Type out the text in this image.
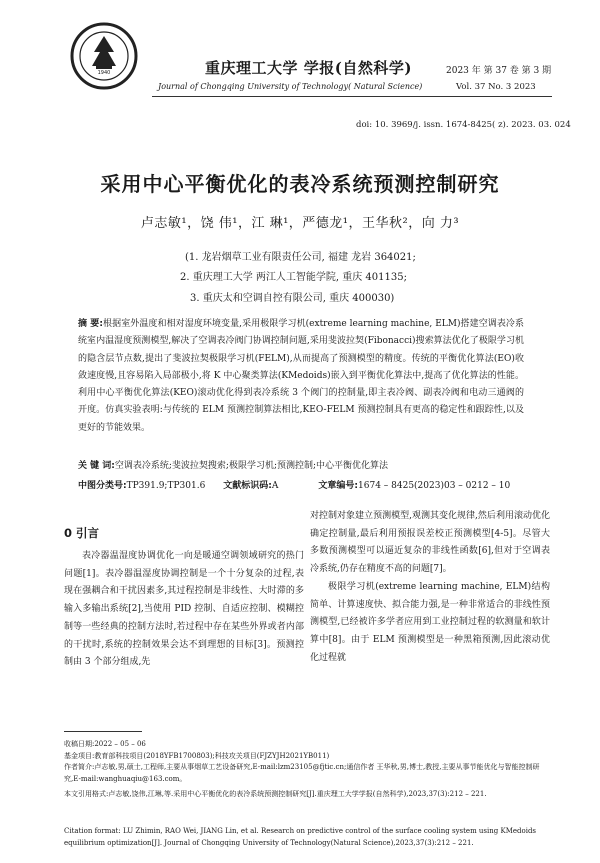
1940	重庆理工大学 学报(自然科学)
Journal of Chongqing University of Technology( Natural Science)
2023 年 第 37 卷 第 3 期
Vol. 37 No. 3 2023
doi: 10. 3969/j. issn. 1674-8425( z). 2023. 03. 024
采用中心平衡优化的表冷系统预测控制研究
卢志敏¹，饶 伟¹，江 琳¹，严德龙¹，王华秋²，向 力³
(1. 龙岩烟草工业有限责任公司, 福建 龙岩 364021;
2. 重庆理工大学 两江人工智能学院, 重庆 401135;
3. 重庆太和空调自控有限公司, 重庆 400030)
摘 要:根据室外温度和相对湿度环境变量,采用极限学习机(extreme learning machine, ELM)搭建空调表冷系统室内温湿度预测模型,解决了空调表冷阀门协调控制问题,采用斐波拉契(Fibonacci)搜索算法优化了极限学习机的隐含层节点数,提出了斐波拉契极限学习机(FELM),从而提高了预测模型的精度。传统的平衡优化算法(EO)收敛速度慢,且容易陷入局部极小,将 K 中心聚类算法(KMedoids)嵌入到平衡优化算法中,提高了优化算法的性能。利用中心平衡优化算法(KEO)滚动优化得到表冷系统 3 个阀门的控制量,即主表冷阀、副表冷阀和电动三通阀的开度。仿真实验表明:与传统的 ELM 预测控制算法相比,KEO-FELM 预测控制具有更高的稳定性和跟踪性,以及更好的节能效果。
关 键 词:空调表冷系统;斐波拉契搜索;极限学习机;预测控制;中心平衡优化算法
中图分类号:TP391.9;TP301.6 文献标识码:A	文章编号:1674 – 8425(2023)03 – 0212 – 10
0 引言

表冷器温湿度协调优化一向是暖通空调领域研究的热门问题[1]。表冷器温湿度协调控制是一个十分复杂的过程,表现在强耦合和干扰因素多,其过程控制是非线性、大时滞的多输入多输出系统[2],当使用 PID 控制、自适应控制、模糊控制等一些经典的控制方法时,若过程中存在某些外界或者内部的干扰时,系统的控制效果会达不到理想的目标[3]。预测控制由 3 个部分组成,先

对控制对象建立预测模型,观测其变化规律,然后利用滚动优化确定控制量,最后利用预报误差校正预测模型[4-5]。尽管大多数预测模型可以逼近复杂的非线性函数[6],但对于空调表冷系统,仍存在精度不高的问题[7]。

极限学习机(extreme learning machine, ELM)结构简单、计算速度快、拟合能力强,是一种非常适合的非线性预测模型,已经被许多学者应用到工业控制过程的软测量和软计算中[8]。由于 ELM 预测模型是一种黑箱预测,因此滚动优化过程就

收稿日期:2022 – 05 – 06
基金项目:教育部科技项目(2018YFB1700803);科技攻关项目(FJZYJH2021YB011)
作者简介:卢志敏,男,硕士,工程师,主要从事烟草工艺设备研究,E-mail:lzm23105@fjtic.cn;通信作者 王华秋,男,博士,教授,主要从事节能优化与智能控制研究,E-mail:wanghuaqiu@163.com。
本文引用格式:卢志敏,饶伟,江琳,等.采用中心平衡优化的表冷系统预测控制研究[J].重庆理工大学学报(自然科学),2023,37(3):212 – 221.
Citation format: LU Zhimin, RAO Wei, JIANG Lin, et al. Research on predictive control of the surface cooling system using KMedoids equilibrium optimization[J]. Journal of Chongqing University of Technology(Natural Science),2023,37(3):212 – 221.
